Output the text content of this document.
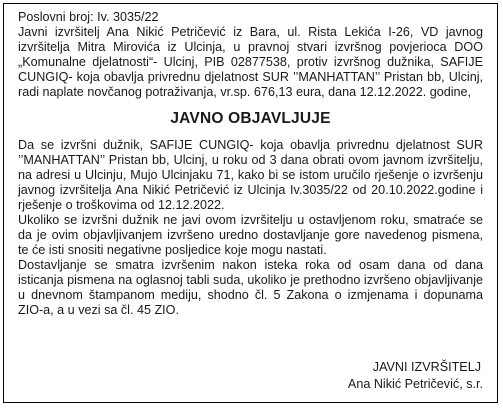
Poslovni broj: Iv. 3035/22

Javni izvršitelj Ana Nikić Petričević iz Bara, ul. Rista Lekića I-26, VD javnog izvršitelja Mitra Mirovića iz Ulcinja, u pravnoj stvari izvršnog povjerioca DOO „Komunalne djelatnosti“- Ulcinj, PIB 02877538, protiv izvršnog dužnika, SAFIJE CUNGIQ- koja obavlja privrednu djelatnost SUR ’’MANHATTAN’’ Pristan bb, Ulcinj, radi naplate novčanog potraživanja, vr.sp. 676,13 eura, dana 12.12.2022. godine,

JAVNO OBJAVLJUJE

Da se izvršni dužnik, SAFIJE CUNGIQ- koja obavlja privrednu djelatnost SUR ’’MANHATTAN’’ Pristan bb, Ulcinj, u roku od 3 dana obrati ovom javnom izvršitelju, na adresi u Ulcinju, Mujo Ulcinjaku 71, kako bi se istom uručilo rješenje o izvršenju javnog izvršitelja Ana Nikić Petričević iz Ulcinja Iv.3035/22 od 20.10.2022.godine i rješenje o troškovima od 12.12.2022.

Ukoliko se izvršni dužnik ne javi ovom izvršitelju u ostavljenom roku, smatraće se da je ovim objavljivanjem izvršeno uredno dostavljanje gore navedenog pismena, te će isti snositi negativne posljedice koje mogu nastati.

Dostavljanje se smatra izvršenim nakon isteka roka od osam dana od dana isticanja pismena na oglasnoj tabli suda, ukoliko je prethodno izvršeno objavljivanje u dnevnom štampanom mediju, shodno čl. 5 Zakona o izmjenama i dopunama ZIO-a, a u vezi sa čl. 45 ZIO.

JAVNI IZVRŠITELJ
Ana Nikić Petričević, s.r.
